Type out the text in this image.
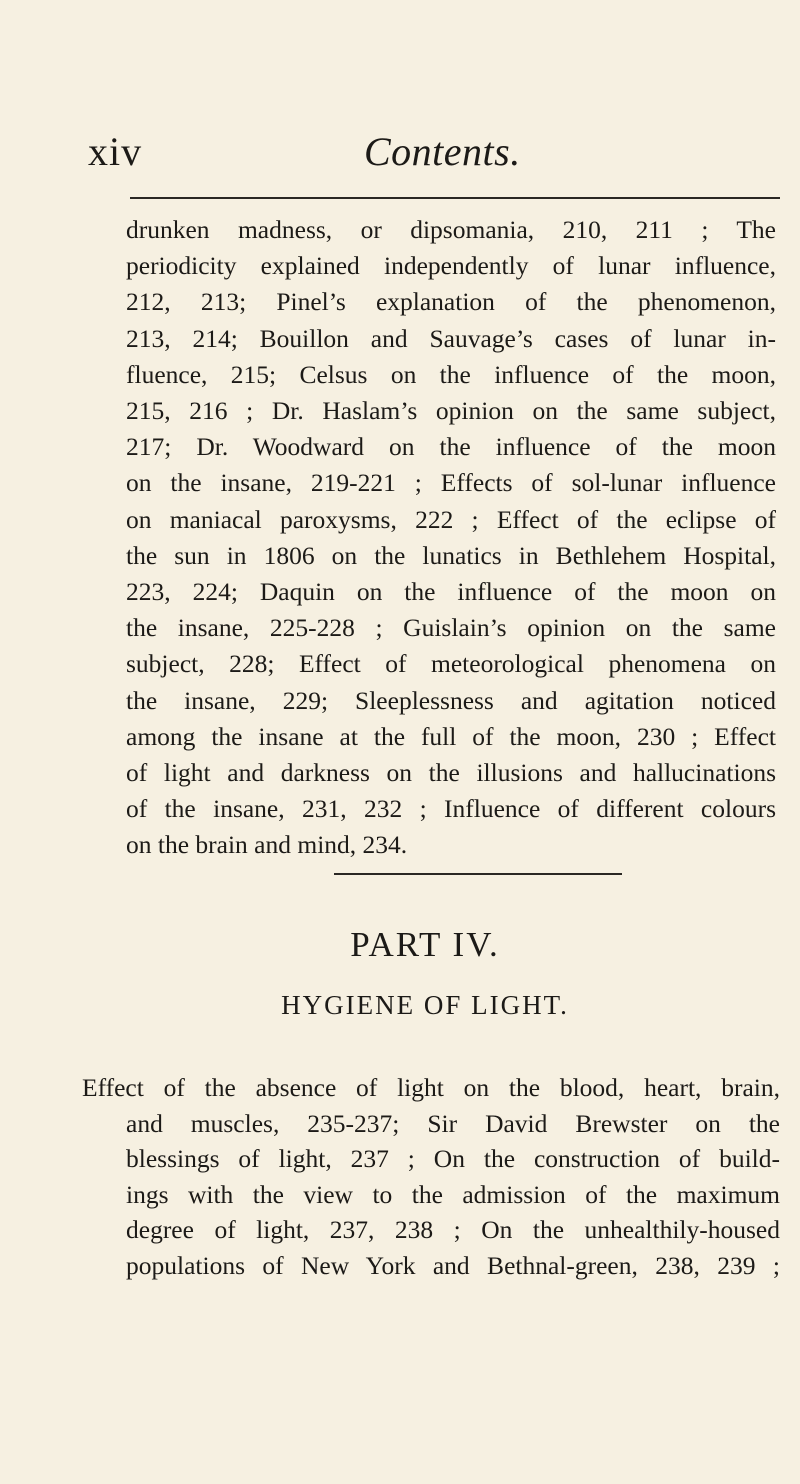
xiv	Contents.
drunken madness, or dipsomania, 210, 211 ; The
periodicity explained independently of lunar influence,
212, 213; Pinel’s explanation of the phenomenon,
213, 214; Bouillon and Sauvage’s cases of lunar in-
fluence, 215; Celsus on the influence of the moon,
215, 216 ; Dr. Haslam’s opinion on the same subject,
217; Dr. Woodward on the influence of the moon
on the insane, 219-221 ; Effects of sol-lunar influence
on maniacal paroxysms, 222 ; Effect of the eclipse of
the sun in 1806 on the lunatics in Bethlehem Hospital,
223, 224; Daquin on the influence of the moon on
the insane, 225-228 ; Guislain’s opinion on the same
subject, 228; Effect of meteorological phenomena on
the insane, 229; Sleeplessness and agitation noticed
among the insane at the full of the moon, 230 ; Effect
of light and darkness on the illusions and hallucinations
of the insane, 231, 232 ; Influence of different colours
on the brain and mind, 234.
PART IV.
HYGIENE OF LIGHT.
Effect of the absence of light on the blood, heart, brain,
and muscles, 235-237; Sir David Brewster on the
blessings of light, 237 ; On the construction of build-
ings with the view to the admission of the maximum
degree of light, 237, 238 ; On the unhealthily-housed
populations of New York and Bethnal-green, 238, 239 ;
